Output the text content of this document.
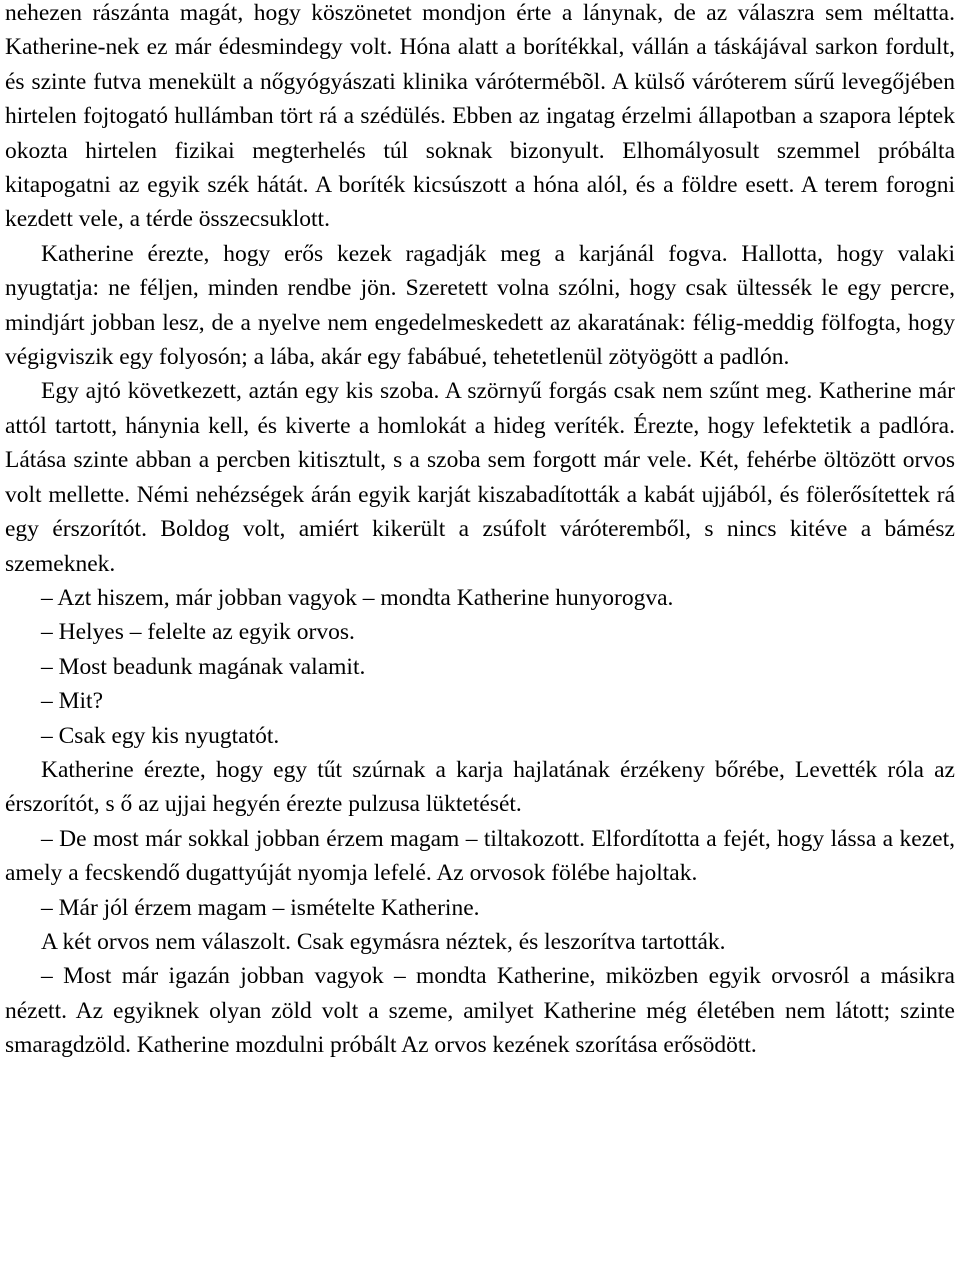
nehezen rászánta magát, hogy köszönetet mondjon érte a lánynak, de az válaszra sem méltatta. Katherine-nek ez már édesmindegy volt. Hóna alatt a borítékkal, vállán a táskájával sarkon fordult, és szinte futva menekült a nőgyógyászati klinika várótermébõl. A külső váróterem sűrű levegőjében hirtelen fojtogató hullámban tört rá a szédülés. Ebben az ingatag érzelmi állapotban a szapora léptek okozta hirtelen fizikai megterhelés túl soknak bizonyult. Elhomályosult szemmel próbálta kitapogatni az egyik szék hátát. A boríték kicsúszott a hóna alól, és a földre esett. A terem forogni kezdett vele, a térde összecsuklott.

Katherine érezte, hogy erős kezek ragadják meg a karjánál fogva. Hallotta, hogy valaki nyugtatja: ne féljen, minden rendbe jön. Szeretett volna szólni, hogy csak ültessék le egy percre, mindjárt jobban lesz, de a nyelve nem engedelmeskedett az akaratának: félig-meddig fölfogta, hogy végigviszik egy folyosón; a lába, akár egy fabábué, tehetetlenül zötyögött a padlón.

Egy ajtó következett, aztán egy kis szoba. A szörnyű forgás csak nem szűnt meg. Katherine már attól tartott, hánynia kell, és kiverte a homlokát a hideg veríték. Érezte, hogy lefektetik a padlóra. Látása szinte abban a percben kitisztult, s a szoba sem forgott már vele. Két, fehérbe öltözött orvos volt mellette. Némi nehézségek árán egyik karját kiszabadították a kabát ujjából, és fölerősítettek rá egy érszorítót. Boldog volt, amiért kikerült a zsúfolt váróteremből, s nincs kitéve a bámész szemeknek.

– Azt hiszem, már jobban vagyok – mondta Katherine hunyorogva.

– Helyes – felelte az egyik orvos.

– Most beadunk magának valamit.

– Mit?

– Csak egy kis nyugtatót.

Katherine érezte, hogy egy tűt szúrnak a karja hajlatának érzékeny bőrébe, Levették róla az érszorítót, s ő az ujjai hegyén érezte pulzusa lüktetését.

– De most már sokkal jobban érzem magam – tiltakozott. Elfordította a fejét, hogy lássa a kezet, amely a fecskendő dugattyúját nyomja lefelé. Az orvosok fölébe hajoltak.

– Már jól érzem magam – ismételte Katherine.

A két orvos nem válaszolt. Csak egymásra néztek, és leszorítva tartották.

– Most már igazán jobban vagyok – mondta Katherine, miközben egyik orvosról a másikra nézett. Az egyiknek olyan zöld volt a szeme, amilyet Katherine még életében nem látott; szinte smaragdzöld. Katherine mozdulni próbált Az orvos kezének szorítása erősödött.
